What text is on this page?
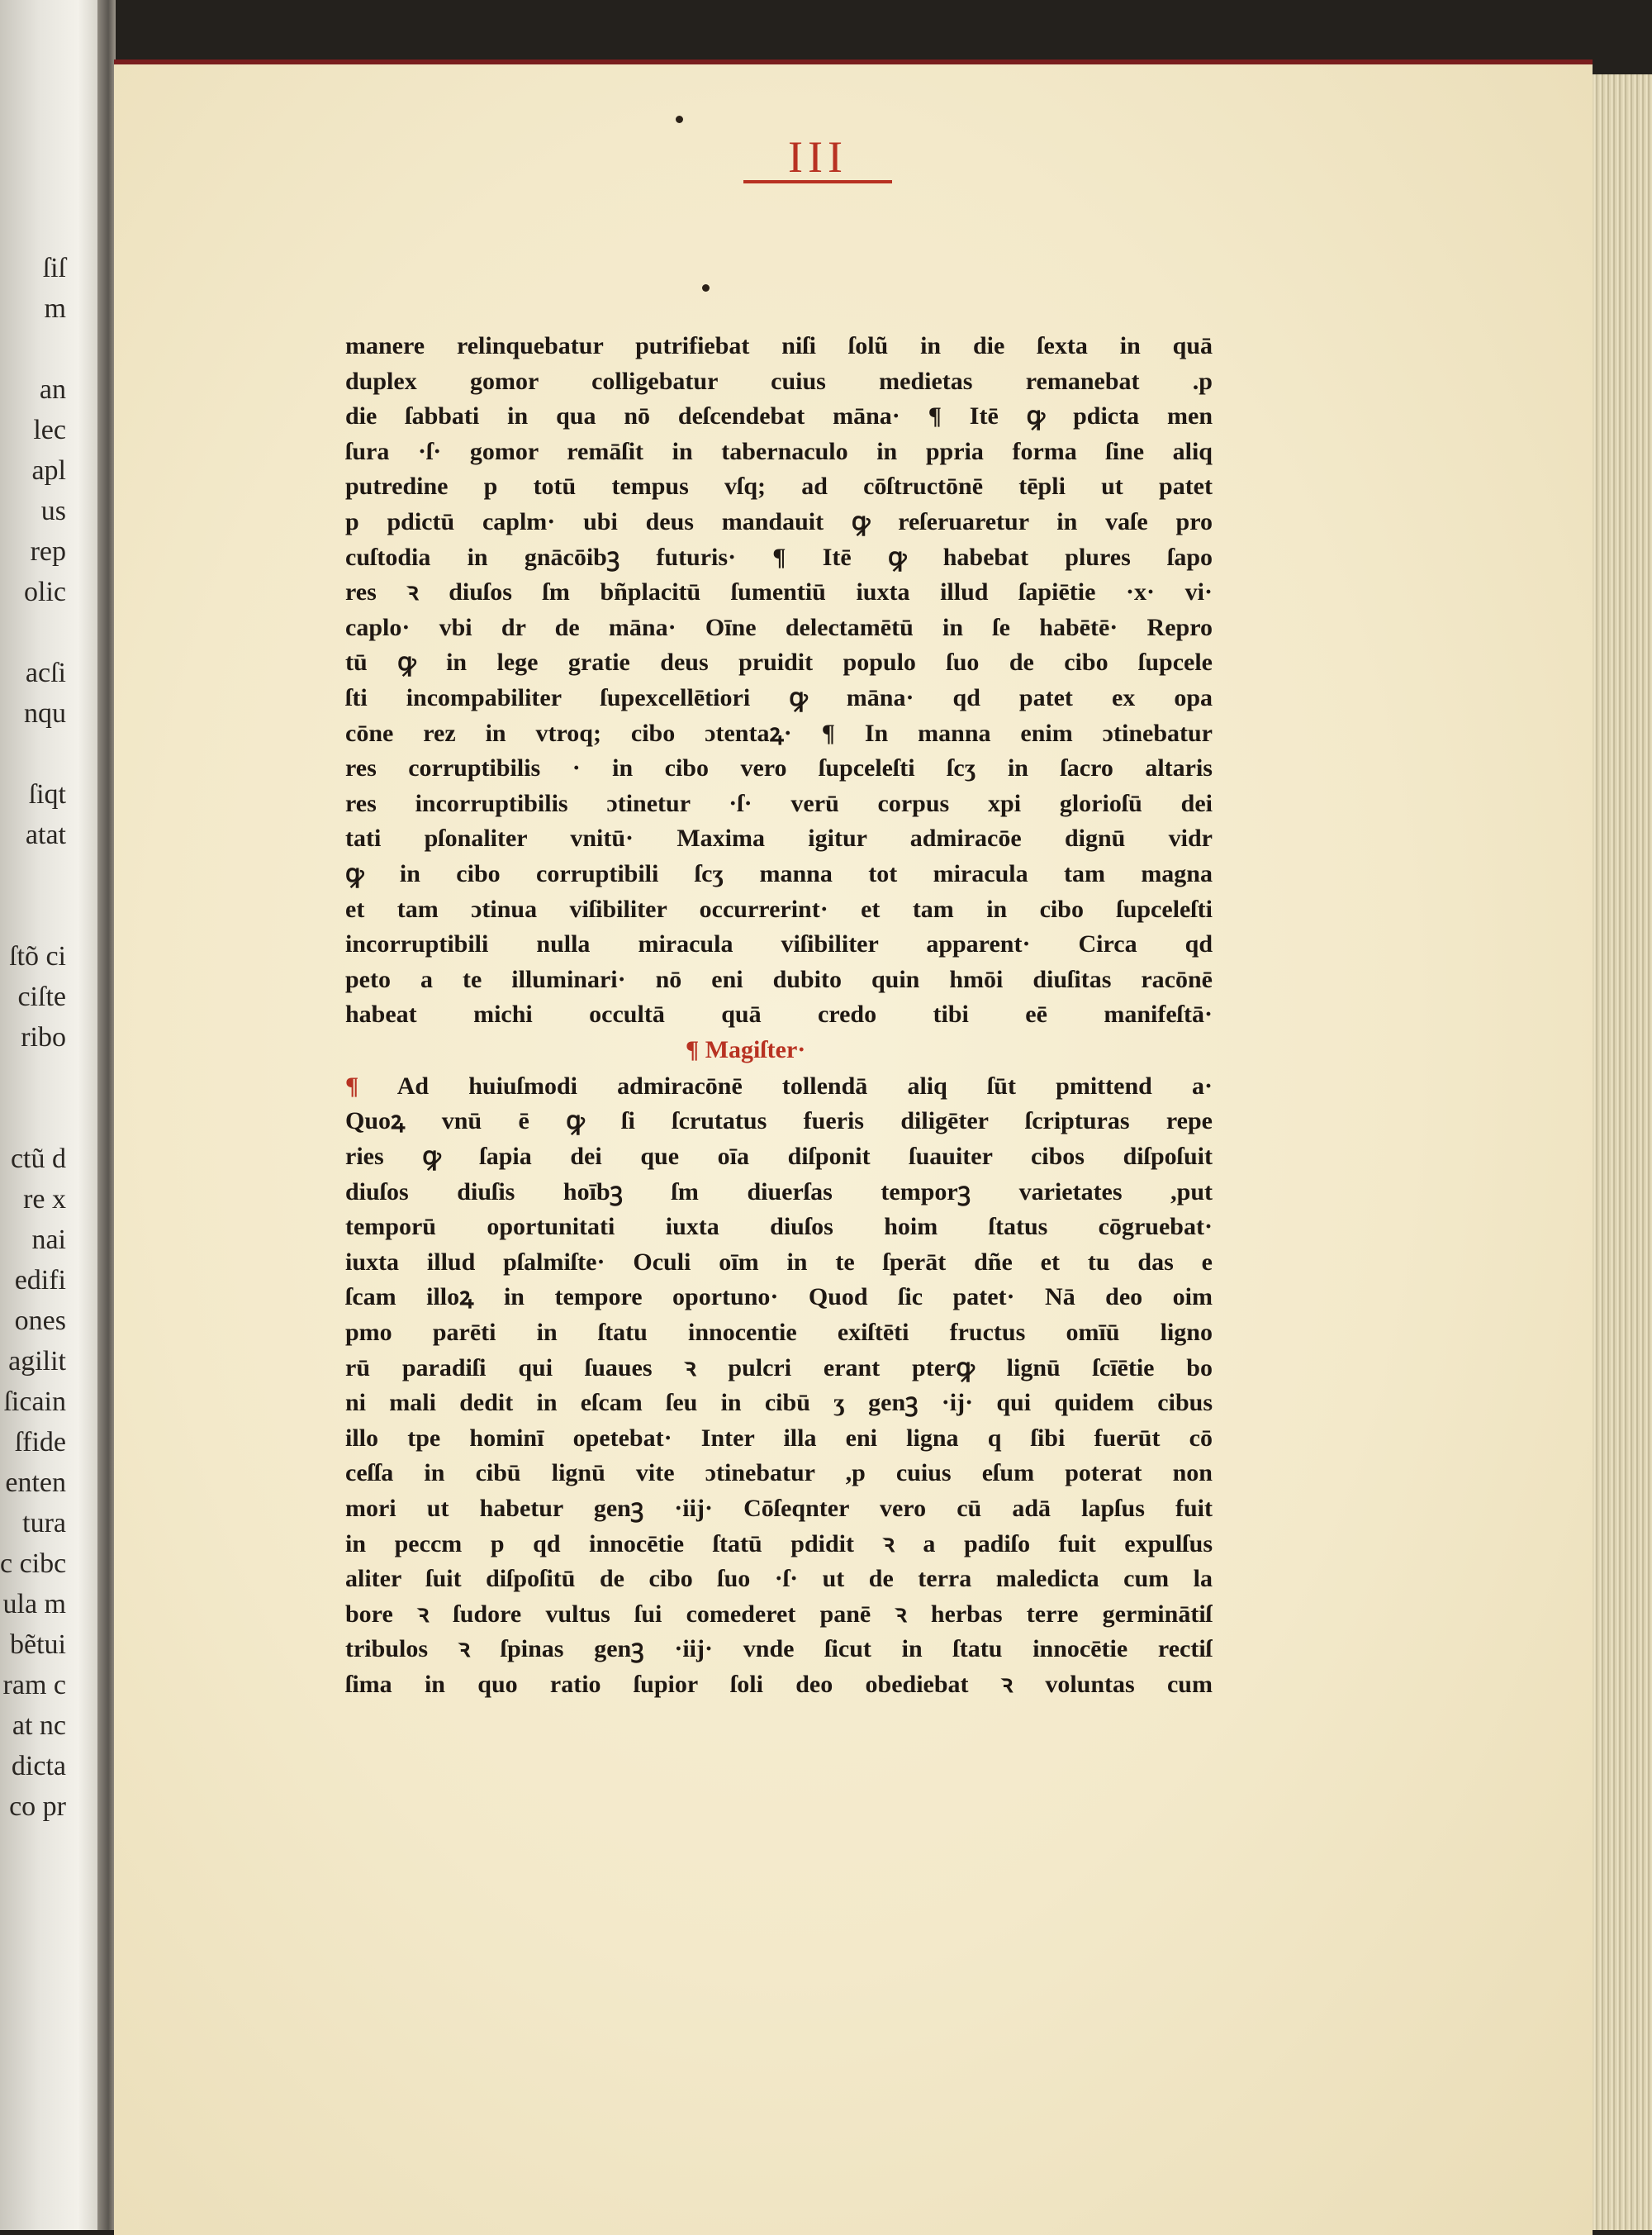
ſiſ
m
an
lec
apl
us
rep
olic
acſi
nqu
ſiqt
atat
ſtõ ci
ciſte
ribo
ctũ d
re x
nai
edifi
ones
agilit
ſicain
ſfide
enten
tura
c cibc
ula m
bẽtui
ram c
at nc
dicta
co pr
III
manere relinquebatur putrifiebat niſi ſolũ in die ſexta in quā
duplex gomor colligebatur cuius medietas remanebat .p
die ſabbati in qua nō deſcendebat māna· ¶ Itē ꝙ pdicta men
ſura ·ſ· gomor remāſit in tabernaculo in ppria forma ſine aliq
putredine p totū tempus vſq; ad cōſtructōnē tēpli ut patet
p pdictū caplm· ubi deus mandauit ꝙ reſeruaretur in vaſe pro
cuſtodia in gnācōibꝫ futuris· ¶ Itē ꝙ habebat plures ſapo
res ꝛ diuſos ſm bñplacitū ſumentiū iuxta illud ſapiētie ·x· vi·
caplo· vbi dr de māna· Oīne delectamētū in ſe habētē· Repro
tū ꝙ in lege gratie deus pruidit populo ſuo de cibo ſupcele
ſti incompabiliter ſupexcellētiori ꝙ māna· qd patet ex opa
cōne rez in vtroq; cibo ɔtentaꝝ· ¶ In manna enim ɔtinebatur
res corruptibilis · in cibo vero ſupceleſti ſcʒ in ſacro altaris
res incorruptibilis ɔtinetur ·ſ· verū corpus xpi glorioſū dei
tati pſonaliter vnitū· Maxima igitur admiracōe dignū vidr
ꝙ in cibo corruptibili ſcʒ manna tot miracula tam magna
et tam ɔtinua viſibiliter occurrerint· et tam in cibo ſupceleſti
incorruptibili nulla miracula viſibiliter apparent· Circa qd
peto a te illuminari· nō eni dubito quin hmōi diuſitas racōnē
habeat michi occultā quā credo tibi eē manifeſtā·
¶ Magiſter·
¶ Ad huiuſmodi admiracōnē tollendā aliq ſūt pmittend a·
Quoꝝ vnū ē ꝙ ſi ſcrutatus fueris diligēter ſcripturas repe
ries ꝙ ſapia dei que oīa diſponit ſuauiter cibos diſpoſuit
diuſos diuſis hoībꝫ ſm diuerſas temporꝫ varietates ,put
temporū oportunitati iuxta diuſos hoim ſtatus cōgruebat·
iuxta illud pſalmiſte· Oculi oīm in te ſperāt dñe et tu das e
ſcam illoꝝ in tempore oportuno· Quod ſic patet· Nā deo oim
pmo parēti in ſtatu innocentie exiſtēti fructus omīū ligno
rū paradiſi qui ſuaues ꝛ pulcri erant pterꝙ lignū ſcīētie bo
ni mali dedit in eſcam ſeu in cibū ʒ genꝫ ·ij· qui quidem cibus
illo tpe hominī opetebat· Inter illa eni ligna q ſibi fuerūt cō
ceſſa in cibū lignū vite ɔtinebatur ,p cuius eſum poterat non
mori ut habetur genꝫ ·iij· Cōſeqnter vero cū adā lapſus fuit
in peccm p qd innocētie ſtatū pdidit ꝛ a padiſo fuit expulſus
aliter ſuit diſpoſitū de cibo ſuo ·ſ· ut de terra maledicta cum la
bore ꝛ ſudore vultus ſui comederet panē ꝛ herbas terre germinātiſ
tribulos ꝛ ſpinas genꝫ ·iij· vnde ſicut in ſtatu innocētie rectiſ
ſima in quo ratio ſupior ſoli deo obediebat ꝛ voluntas cum
